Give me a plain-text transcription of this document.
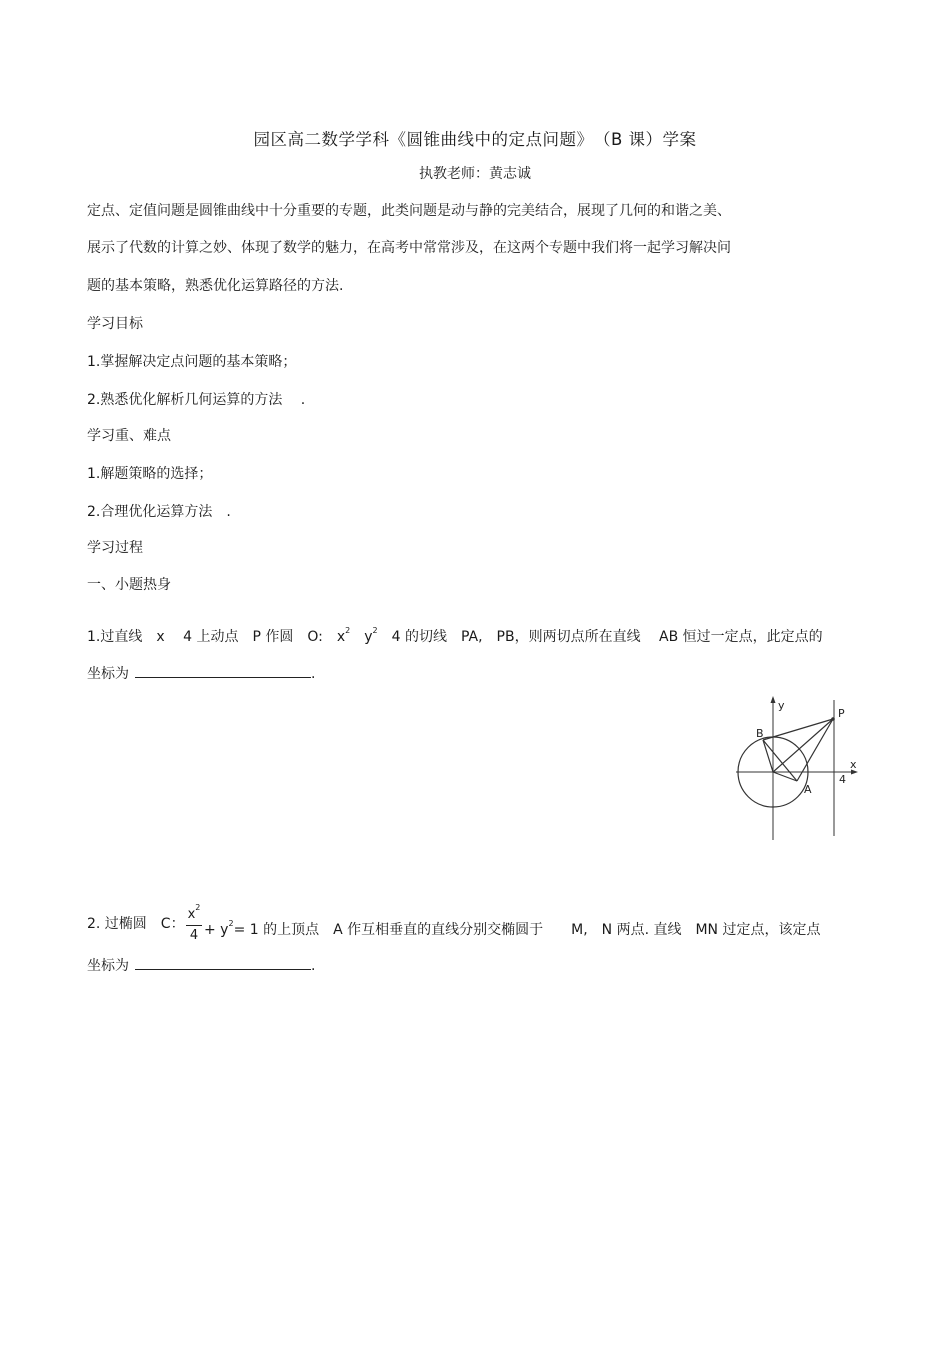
园区高二数学学科《圆锥曲线中的定点问题》　（B 课）学案
执教老师：黄志诚
定点、定值问题是圆锥曲线中十分重要的专题，此类问题是动与静的完美结合，展现了几何的和谐之美、
展示了代数的计算之妙、体现了数学的魅力，在高考中常常涉及，在这两个专题中我们将一起学习解决问
题的基本策略，熟悉优化运算路径的方法.
学习目标
1.掌握解决定点问题的基本策略；
2.熟悉优化解析几何运算的方法　 .
学习重、难点
1.解题策略的选择；
2.合理优化运算方法　.
学习过程
一、小题热身
1.过直线　x　 4 上动点　P 作圆　O:　$x^2$　$y^2$　4 的切线　PA,　PB，则两切点所在直线　 AB 恒过一定点，此定点的
坐标为	.
y
x
P
B
A
4
$x^2$
4
2. 过椭圆　C： + $y^2= 1$ 的上顶点　A 作互相垂直的直线分别交椭圆于　　M,　N 两点. 直线　MN 过定点，该定点
坐标为	.
